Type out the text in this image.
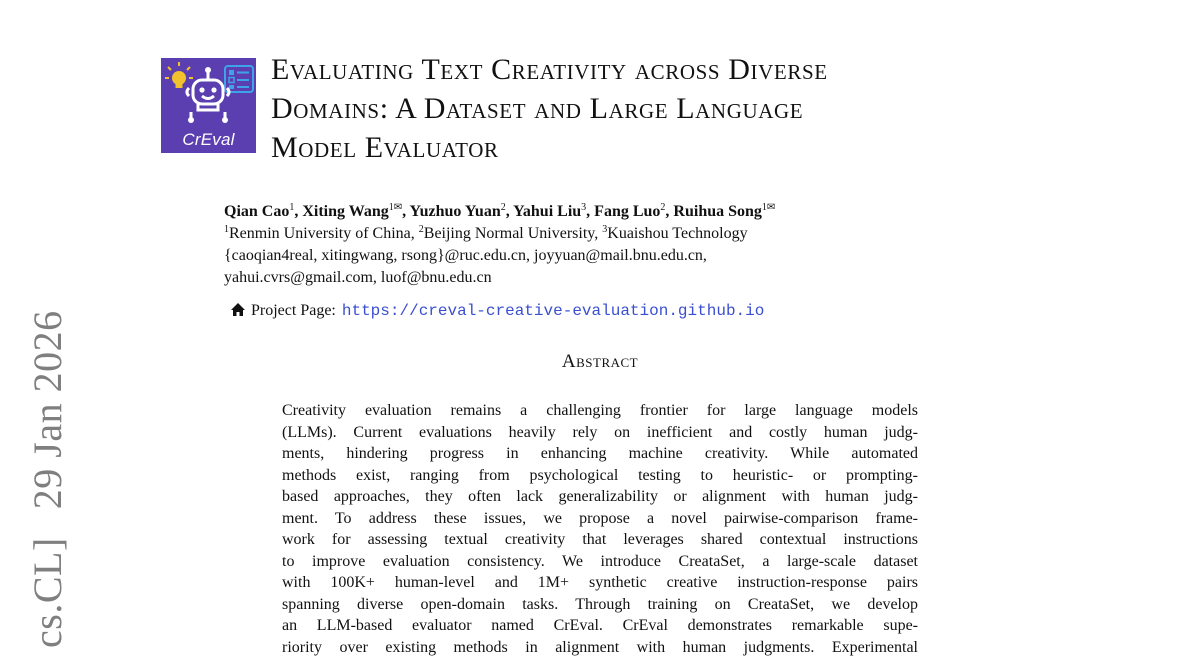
cs.CL]29 Jan 2026
CrEval
Evaluating Text Creativity across Diverse
Domains: A Dataset and Large Language
Model Evaluator
Qian Cao$^1$, Xiting Wang$^{1✉}$, Yuzhuo Yuan$^2$, Yahui Liu$^3$, Fang Luo$^2$, Ruihua Song$^{1✉}$
$^1$Renmin University of China, $^2$Beijing Normal University, $^3$Kuaishou Technology
{caoqian4real, xitingwang, rsong}@ruc.edu.cn, joyyuan@mail.bnu.edu.cn,
yahui.cvrs@gmail.com, luof@bnu.edu.cn
Project Page: https://creval-creative-evaluation.github.io
Abstract
Creativity evaluation remains a challenging frontier for large language models
(LLMs). Current evaluations heavily rely on inefficient and costly human judg-
ments, hindering progress in enhancing machine creativity. While automated
methods exist, ranging from psychological testing to heuristic- or prompting-
based approaches, they often lack generalizability or alignment with human judg-
ment. To address these issues, we propose a novel pairwise-comparison frame-
work for assessing textual creativity that leverages shared contextual instructions
to improve evaluation consistency. We introduce CreataSet, a large-scale dataset
with 100K+ human-level and 1M+ synthetic creative instruction-response pairs
spanning diverse open-domain tasks. Through training on CreataSet, we develop
an LLM-based evaluator named CrEval. CrEval demonstrates remarkable supe-
riority over existing methods in alignment with human judgments. Experimental
